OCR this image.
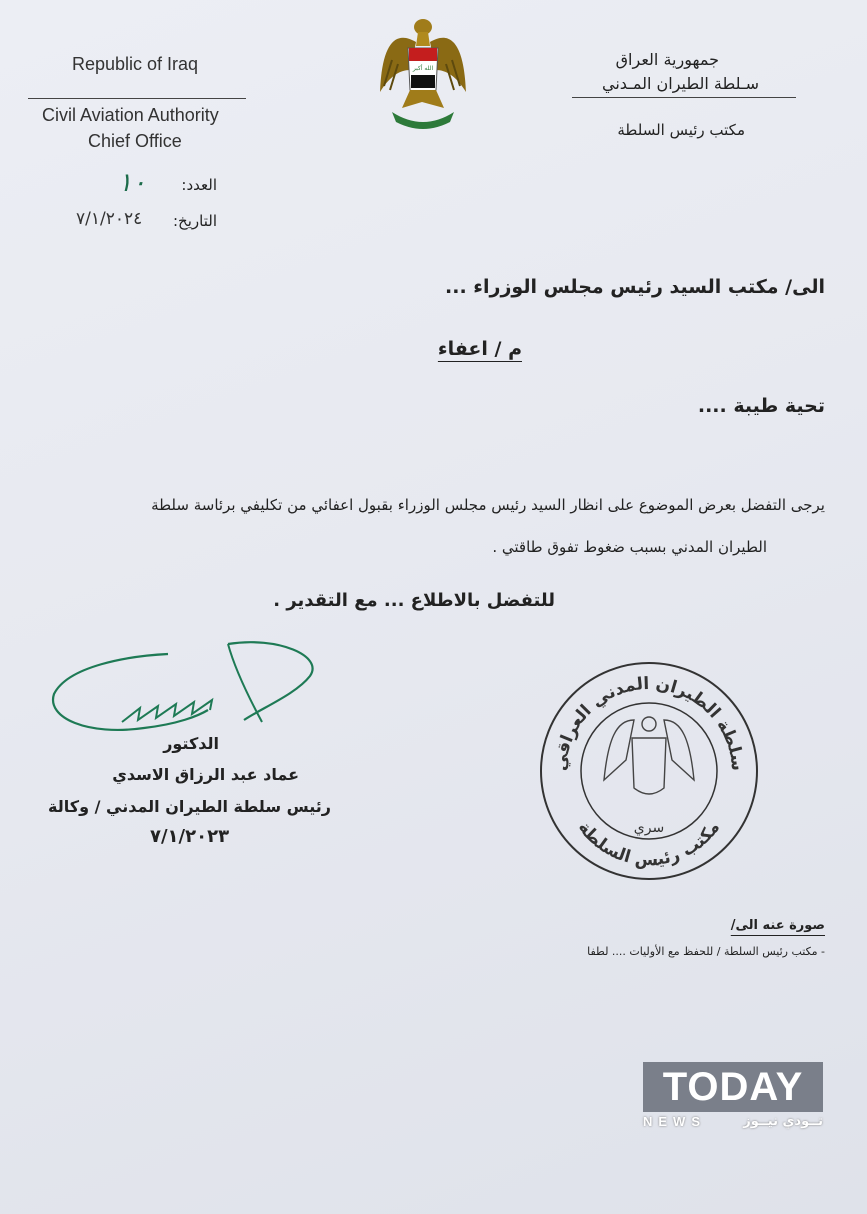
Republic of Iraq
Civil Aviation Authority
Chief Office
الله أكبر	جمهورية العراق
سـلطة الطيران المـدني
مكتب رئيس السلطة
العدد:
١٠
التاريخ:
٧/١/٢٠٢٤
الى/ مكتب السيد رئيس مجلس الوزراء ...
م / اعفاء
تحية طيبة ....
يرجى التفضل بعرض الموضوع على انظار السيد رئيس مجلس الوزراء بقبول اعفائي من تكليفي برئاسة سلطة
الطيران المدني بسبب ضغوط تفوق طاقتي .
للتفضل بالاطلاع ... مع التقدير .
الدكتور
عماد عبد الرزاق الاسدي
رئيس سلطة الطيران المدني / وكالة
٧/١/٢٠٢٣
سلطة الطيران المدني العراقي
مكتب رئيس السلطة
سري
صورة عنه الى/
- مكتب رئيس السلطة / للحفظ مع الأوليات .... لطفا
TODAY
NEWS	تــودي نيــوز
